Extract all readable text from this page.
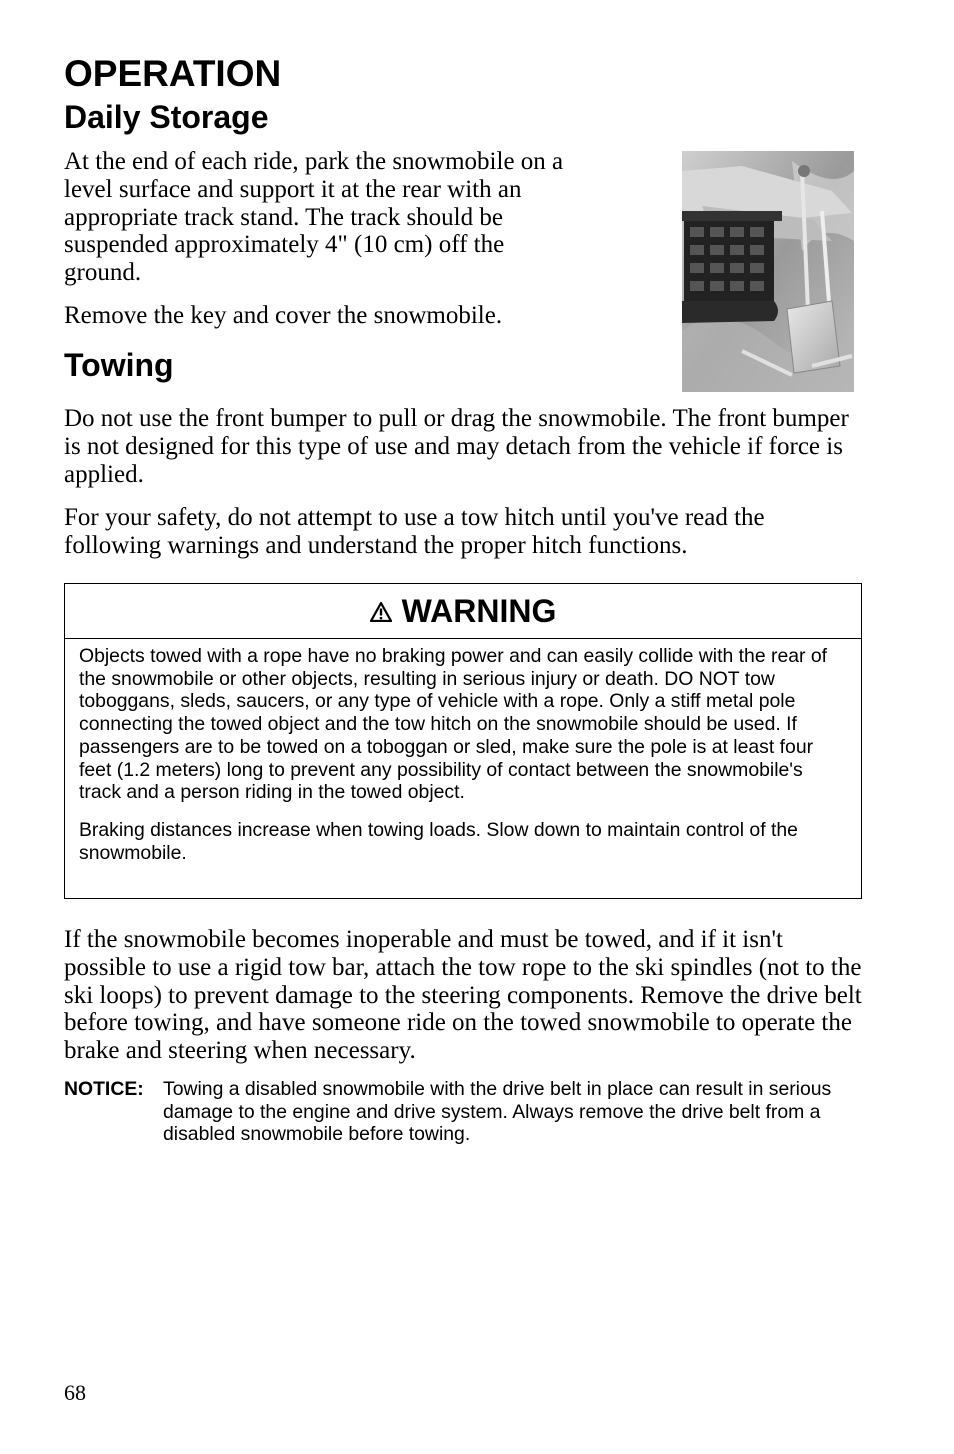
OPERATION
Daily Storage

At the end of each ride, park the snowmobile on a level surface and support it at the rear with an appropriate track stand. The track should be suspended approximately 4" (10 cm) off the ground.

Remove the key and cover the snowmobile.

Towing

Do not use the front bumper to pull or drag the snowmobile. The front bumper is not designed for this type of use and may detach from the vehicle if force is applied.

For your safety, do not attempt to use a tow hitch until you've read the following warnings and understand the proper hitch functions.

WARNING

Objects towed with a rope have no braking power and can easily collide with the rear of the snowmobile or other objects, resulting in serious injury or death. DO NOT tow toboggans, sleds, saucers, or any type of vehicle with a rope. Only a stiff metal pole connecting the towed object and the tow hitch on the snowmobile should be used. If passengers are to be towed on a toboggan or sled, make sure the pole is at least four feet (1.2 meters) long to prevent any possibility of contact between the snowmobile's track and a person riding in the towed object.

Braking distances increase when towing loads. Slow down to maintain control of the snowmobile.

If the snowmobile becomes inoperable and must be towed, and if it isn't possible to use a rigid tow bar, attach the tow rope to the ski spindles (not to the ski loops) to prevent damage to the steering components. Remove the drive belt before towing, and have someone ride on the towed snowmobile to operate the brake and steering when necessary.

NOTICE: Towing a disabled snowmobile with the drive belt in place can result in serious damage to the engine and drive system. Always remove the drive belt from a disabled snowmobile before towing.
68
